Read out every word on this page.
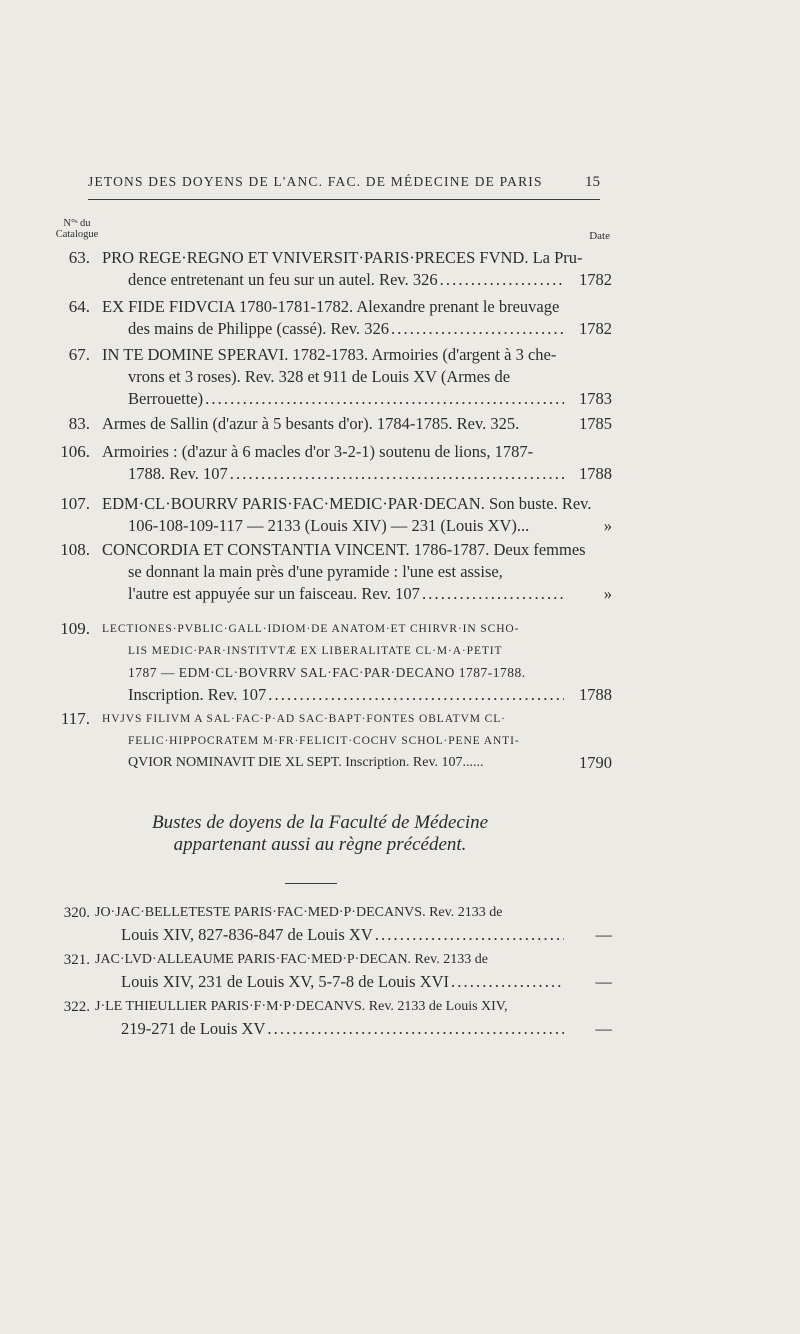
JETONS DES DOYENS DE L'ANC. FAC. DE MÉDECINE DE PARIS	15
N°ˢ du
Catalogue	Date
63. PRO REGE·REGNO ET VNIVERSIT·PARIS·PRECES FVND. La Pru-
dence entretenant un feu sur un autel. Rev. 326 . . .	1782
64. EX FIDE FIDVCIA 1780-1781-1782. Alexandre prenant le breuvage
des mains de Philippe (cassé). Rev. 326 . . .	1782
67. IN TE DOMINE SPERAVI. 1782-1783. Armoiries (d'argent à 3 che-
vrons et 3 roses). Rev. 328 et 911 de Louis XV (Armes de
Berrouette) . . .	1783
83. Armes de Sallin (d'azur à 5 besants d'or). 1784-1785. Rev. 325.	1785
106. Armoiries : (d'azur à 6 macles d'or 3-2-1) soutenu de lions, 1787-
1788. Rev. 107 . . .	1788
107. EDM·CL·BOURRV PARIS·FAC·MEDIC·PAR·DECAN. Son buste. Rev.
106-108-109-117 — 2133 (Louis XIV) — 231 (Louis XV)...	»
108. CONCORDIA ET CONSTANTIA VINCENT. 1786-1787. Deux femmes
se donnant la main près d'une pyramide : l'une est assise,
l'autre est appuyée sur un faisceau. Rev. 107 . . .	»
109. LECTIONES·PVBLIC·GALL·IDIOM·DE ANATOM·ET CHIRVR·IN SCHO-
LIS MEDIC·PAR·INSTITVTÆ EX LIBERALITATE CL·M·A·PETIT
1787 — EDM·CL·BOVRRV SAL·FAC·PAR·DECANO 1787-1788.
Inscription. Rev. 107 . . .	1788
117. HVJVS FILIVM A SAL·FAC·P·AD SAC·BAPT·FONTES OBLATVM CL·
FELIC·HIPPOCRATEM M·FR·FELICIT·COCHV SCHOL·PENE ANTI-
QVIOR NOMINAVIT DIE XL SEPT. Inscription. Rev. 107......	1790
Bustes de doyens de la Faculté de Médecine
appartenant aussi au règne précédent.
320. JO·JAC·BELLETESTE PARIS·FAC·MED·P·DECANVS. Rev. 2133 de
Louis XIV, 827-836-847 de Louis XV . . .	—
321. JAC·LVD·ALLEAUME PARIS·FAC·MED·P·DECAN. Rev. 2133 de
Louis XIV, 231 de Louis XV, 5-7-8 de Louis XVI . . .	—
322. J·LE THIEULLIER PARIS·F·M·P·DECANVS. Rev. 2133 de Louis XIV,
219-271 de Louis XV . . .	—
